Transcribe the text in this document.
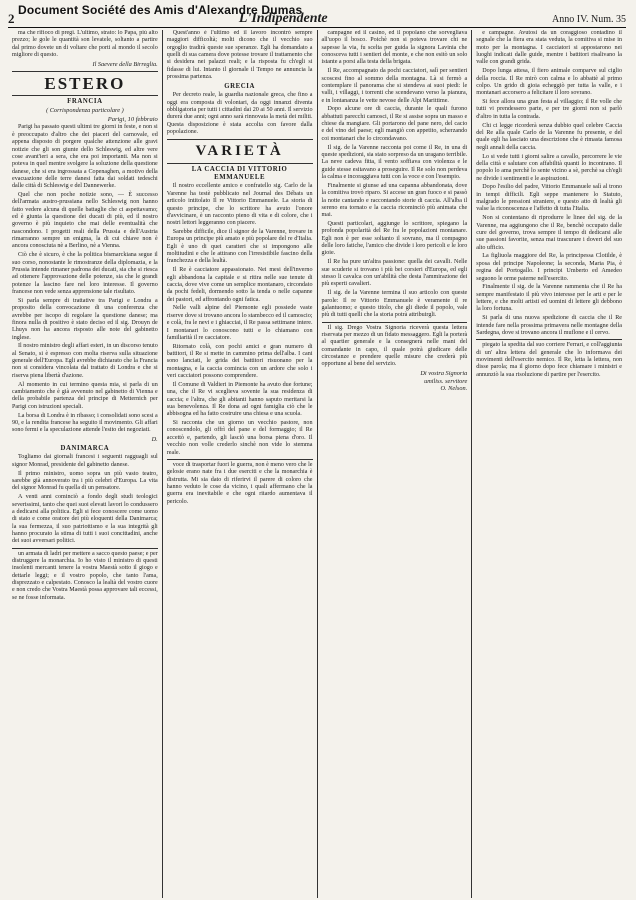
Document Société des Amis d'Alexandre Dumas
2	L'Indipendente	Anno IV. Num. 35

ma che rifioco di pregi. L'ultimo, strato: lo Papa, più alto prezzo; le gole le quantità son levatele, soltanto a partire dal primo dovete un di voltare che porti al mondo il secolo migliore di questo.

Il Saevere della Birreglia.
ESTERO
FRANCIA
( Corrispondenza particolare )
Parigi, 10 febbraio

Parigi ha passato questi ultimi tre giorni in feste, e non si è preoccupato d'altro che dei piaceri del carnovale, ed appena disposto di porgere qualche attenzione alle gravi notizie che gli son giunte dello Schleswig, ed altre vere cose avant'ieri a sera, che era poi importanti. Ma non si poteva in quel mentre svolgere la soluzione della questione danese, che si era ingrossata a Copenaghen, a motivo della evacuazione delle terre danesi fatta dai soldati tedeschi dalle città di Schleswig e del Dannewerke.

Quel che non poche notizie sono, — È successo dell'armata austro-prussiana nello Schleswig non hanno fatto vedere alcuna di quelle battaglie che ci aspettavamo; ed è giunta la questione dei ducati di più, ed il nostro governo è più inquieto che mai delle eventualità che nascondono. I progetti reali della Prussia e dell'Austria rimarranno sempre un enigma, la di cui chiave non è ancora conosciuta nè a Berlino, nè a Vienna.

Ciò che è sicuro, è che la politica bismarckiana segue il suo corso, nonostante le rimostranze della diplomazia, e la Prussia intende rimaner padrona dei ducati, sia che si riesca ad ottenere l'approvazione delle potenze, sia che le grandi potenze la lascino fare nel loro interesse. Il governo francese non vede senza apprensione tale risultato.

Si parla sempre di trattative tra Parigi e Londra a proposito della convocazione di una conferenza che avrebbe per iscopo di regolare la questione danese; ma finora nulla di positivo è stato deciso ed il sig. Drouyn de Lhuys non ha ancora risposto alle note del gabinetto inglese.

Il nostro ministro degli affari esteri, in un discorso tenuto al Senato, si è espresso con molta riserva sulla situazione generale dell'Europa. Egli avrebbe dichiarato che la Francia non si considera vincolata dal trattato di Londra e che si riserva piena libertà d'azione.

Al momento in cui termino questa mia, si parla di un cambiamento che è già avvenuto nel gabinetto di Vienna e della probabile partenza del principe di Metternich per Parigi con istruzioni speciali.

La borsa di Londra è in ribasso; i consolidati sono scesi a 90, e la rendita francese ha seguito il movimento. Gli affari sono fermi e la speculazione attende l'esito dei negoziati.

D.
DANIMARCA

Togliamo dai giornali francesi i seguenti ragguagli sul signor Monrad, presidente del gabinetto danese.

Il primo ministro, uomo sopra un più vasto teatro, sarebbe già annoverato tra i più celebri d'Europa. La vita del signor Monrad fu quella di un pensatore.

A venti anni cominciò a fondo degli studi teologici severissimi, tanto che quei suoi elevati lavori lo condussero a dedicarsi alla politica. Egli si fece conoscere come uomo di stato e come oratore dei più eloquenti della Danimarca; la sua fermezza, il suo patriottismo e la sua integrità gli hanno procurato la stima di tutti i suoi concittadini, anche dei suoi avversari politici.

un armata di ladri per mettere a sacco questo paese; e per distruggere la monarchia. Io ho visto il ministro di questi insolenti mercanti tenere la vostra Maestà sotto il giogo e dettarle leggi; e il vostro popolo, che tanto l'ama, disprezzato e calpestato. Conosco la lealtà del vostro cuore e non credo che Vostra Maestà possa approvare tali eccessi, se ne fosse informata.

Quest'anno è l'ultimo ed il lavoro incontrò sempre maggiori difficoltà; molti dicono che il vecchio suo orgoglio tradirà queste sue speranze. Egli ha domandato a quelli di sua camera dove potesse trovare il trattamento che si desidera nei palazzi reali; e la risposta fu ch'egli si fidasse di lui. Intanto il giornale il Tempo ne annuncia la prossima partenza.

GRECIA

Per decreto reale, la guardia nazionale greca, che fino a oggi era composta di volontari, da oggi innanzi diventa obbligatoria per tutti i cittadini dai 20 ai 50 anni. Il servizio durerà due anni; ogni anno sarà rinnovata la metà dei militi. Questa disposizione è stata accolta con favore dalla popolazione.

VARIETÀ
LA CACCIA DI VITTORIO EMMANUELE

Il nostro eccellente amico e confratello sig. Carlo de la Varenne ha testè pubblicato nel Journal des Débats un articolo intitolato Il re Vittorio Emmanuele. La storia di questo principe, che lo scrittore ha avuto l'onore d'avvicinare, è un racconto pieno di vita e di colore, che i nostri lettori leggeranno con piacere.

Sarebbe difficile, dice il signor de la Varenne, trovare in Europa un principe più amato e più popolare del re d'Italia. Egli è uno di quei caratteri che si impongono alle moltitudini e che le attirano con l'irresistibile fascino della franchezza e della lealtà.

Il Re è cacciatore appassionato. Nei mesi dell'inverno egli abbandona la capitale e si ritira nelle sue tenute di caccia, dove vive come un semplice montanaro, circondato da pochi fedeli, dormendo sotto la tenda o nelle capanne dei pastori, ed affrontando ogni fatica.

Nelle valli alpine del Piemonte egli possiede vaste riserve dove si trovano ancora lo stambecco ed il camoscio; e colà, fra le nevi e i ghiacciai, il Re passa settimane intere. I montanari lo conoscono tutti e lo chiamano con familiarità il re cacciatore.

Ritornato colà, con pochi amici e gran numero di battitori, il Re si mette in cammino prima dell'alba. I cani sono lanciati, le grida dei battitori risuonano per la montagna, e la caccia comincia con un ardore che solo i veri cacciatori possono comprendere.

Il Comune di Valdieri in Piemonte ha avuto due fortune; una, che il Re vi sceglieva sovente la sua residenza di caccia; e l'altra, che gli abitanti hanno saputo meritarsi la sua benevolenza. Il Re dona ad ogni famiglia ciò che le abbisogna ed ha fatto costruire una chiesa e una scuola.

Si racconta che un giorno un vecchio pastore, non conoscendolo, gli offrì del pane e del formaggio; il Re accettò e, partendo, gli lasciò una borsa piena d'oro. Il vecchio non volle crederlo sinchè non vide lo stemma reale.

voce di trasportar fuori le guerra, non è meno vero che le gelosie erano nate fra i due eserciti e che la monarchia è distrutta. Mi sia dato di riferirvi il parere di coloro che hanno veduto le cose da vicino, i quali affermano che la guerra era inevitabile e che ogni ritardo aumentava il pericolo.

campagne ed il casino, ed il popolano che sorvegliava all'uopo il bosco. Poichè non si poteva trovare chi ne sapesse la via, fu scelta per guida la signora Lavinia che conosceva tutti i sentieri del monte, e che non esitò un solo istante a porsi alla testa della brigata.

Il Re, accompagnato da pochi cacciatori, salì per sentieri scoscesi fino al sommo della montagna. Là si fermò a contemplare il panorama che si stendeva ai suoi piedi: le valli, i villaggi, i torrenti che scendevano verso la pianura, e in lontananza le vette nevose delle Alpi Marittime.

Dopo alcune ore di caccia, durante le quali furono abbattuti parecchi camosci, il Re si assise sopra un masso e chiese da mangiare. Gli portarono del pane nero, del cacio e del vino del paese; egli mangiò con appetito, scherzando coi montanari che lo circondavano.

Il sig. de la Varenne racconta poi come il Re, in una di queste spedizioni, sia stato sorpreso da un uragano terribile. La neve cadeva fitta, il vento soffiava con violenza e le guide stesse esitavano a proseguire. Il Re solo non perdeva la calma e incoraggiava tutti con la voce e con l'esempio.

Finalmente si giunse ad una capanna abbandonata, dove la comitiva trovò riparo. Si accese un gran fuoco e si passò la notte cantando e raccontando storie di caccia. All'alba il sereno era tornato e la caccia ricominciò più animata che mai.

Questi particolari, aggiunge lo scrittore, spiegano la profonda popolarità del Re fra le popolazioni montanare. Egli non è per esse soltanto il sovrano, ma il compagno delle loro fatiche, l'amico che divide i loro pericoli e le loro gioie.

Il Re ha pure un'altra passione: quella dei cavalli. Nelle sue scuderie si trovano i più bei corsieri d'Europa, ed egli stesso li cavalca con un'abilità che desta l'ammirazione dei più esperti cavalieri.

Il sig. de la Varenne termina il suo articolo con queste parole: Il re Vittorio Emmanuele è veramente il re galantuomo; e questo titolo, che gli diede il popolo, vale più di tutti quelli che la storia potrà attribuirgli.

Il sig. Drego Vostra Signoria riceverà questa lettera riservata per mezzo di un fidato messaggero. Egli la porterà al quartier generale e la consegnerà nelle mani del comandante in capo, il quale potrà giudicare delle circostanze e prendere quelle misure che crederà più opportune al bene del servizio.

Di vostra Signoria
umiliss. servitore
O. Nelson.

e campagne. Avutosi da un coraggioso contadino il segnale che la fiera era stata veduta, la comitiva si mise in moto per la montagna. I cacciatori si appostarono nei luoghi indicati dalle guide, mentre i battitori risalivano la valle con grandi grida.

Dopo lunga attesa, il fiero animale comparve sul ciglio della roccia. Il Re mirò con calma e lo abbattè al primo colpo. Un grido di gioia echeggiò per tutta la valle, e i montanari accorsero a felicitare il loro sovrano.

Si fece allora una gran festa al villaggio; il Re volle che tutti vi prendessero parte, e per tre giorni non si parlò d'altro in tutta la contrada.

Chi ci legge ricorderà senza dubbio quel celebre Caccia del Re alla quale Carlo de la Varenne fu presente, e del quale egli ha lasciato una descrizione che è rimasta famosa negli annali della caccia.

Lo si vede tutti i giorni salire a cavallo, percorrere le vie della città e salutare con affabilità quanti lo incontrano. Il popolo lo ama perchè lo sente vicino a sè, perchè sa ch'egli ne divide i sentimenti e le aspirazioni.

Dopo l'esilio del padre, Vittorio Emmanuele salì al trono in tempi difficili. Egli seppe mantenere lo Statuto, malgrado le pressioni straniere, e questo atto di lealtà gli valse la riconoscenza e l'affetto di tutta l'Italia.

Non si contentano di riprodurre le linee del sig. de la Varenne, ma aggiungono che il Re, benchè occupato dalle cure del governo, trova sempre il tempo di dedicarsi alle sue passioni favorite, senza mai trascurare i doveri del suo alto ufficio.

La figliuola maggiore del Re, la principessa Clotilde, è sposa del principe Napoleone; la seconda, Maria Pia, è regina del Portogallo. I principi Umberto ed Amedeo seguono le orme paterne nell'esercito.

Finalmente il sig. de la Varenne rammenta che il Re ha sempre manifestato il più vivo interesse per le arti e per le lettere, e che molti artisti ed uomini di lettere gli debbono la loro fortuna.

Si parla di una nuova spedizione di caccia che il Re intende fare nella prossima primavera nelle montagne della Sardegna, dove si trovano ancora il muflone e il cervo.

piegato la spedita dal suo corriere Ferrari, e coll'aggiunta di un' altra lettera del generale che lo informava dei movimenti dell'esercito nemico. Il Re, letta la lettera, non disse parola; ma il giorno dopo fece chiamare i ministri e annunziò la sua risoluzione di partire per l'esercito.
